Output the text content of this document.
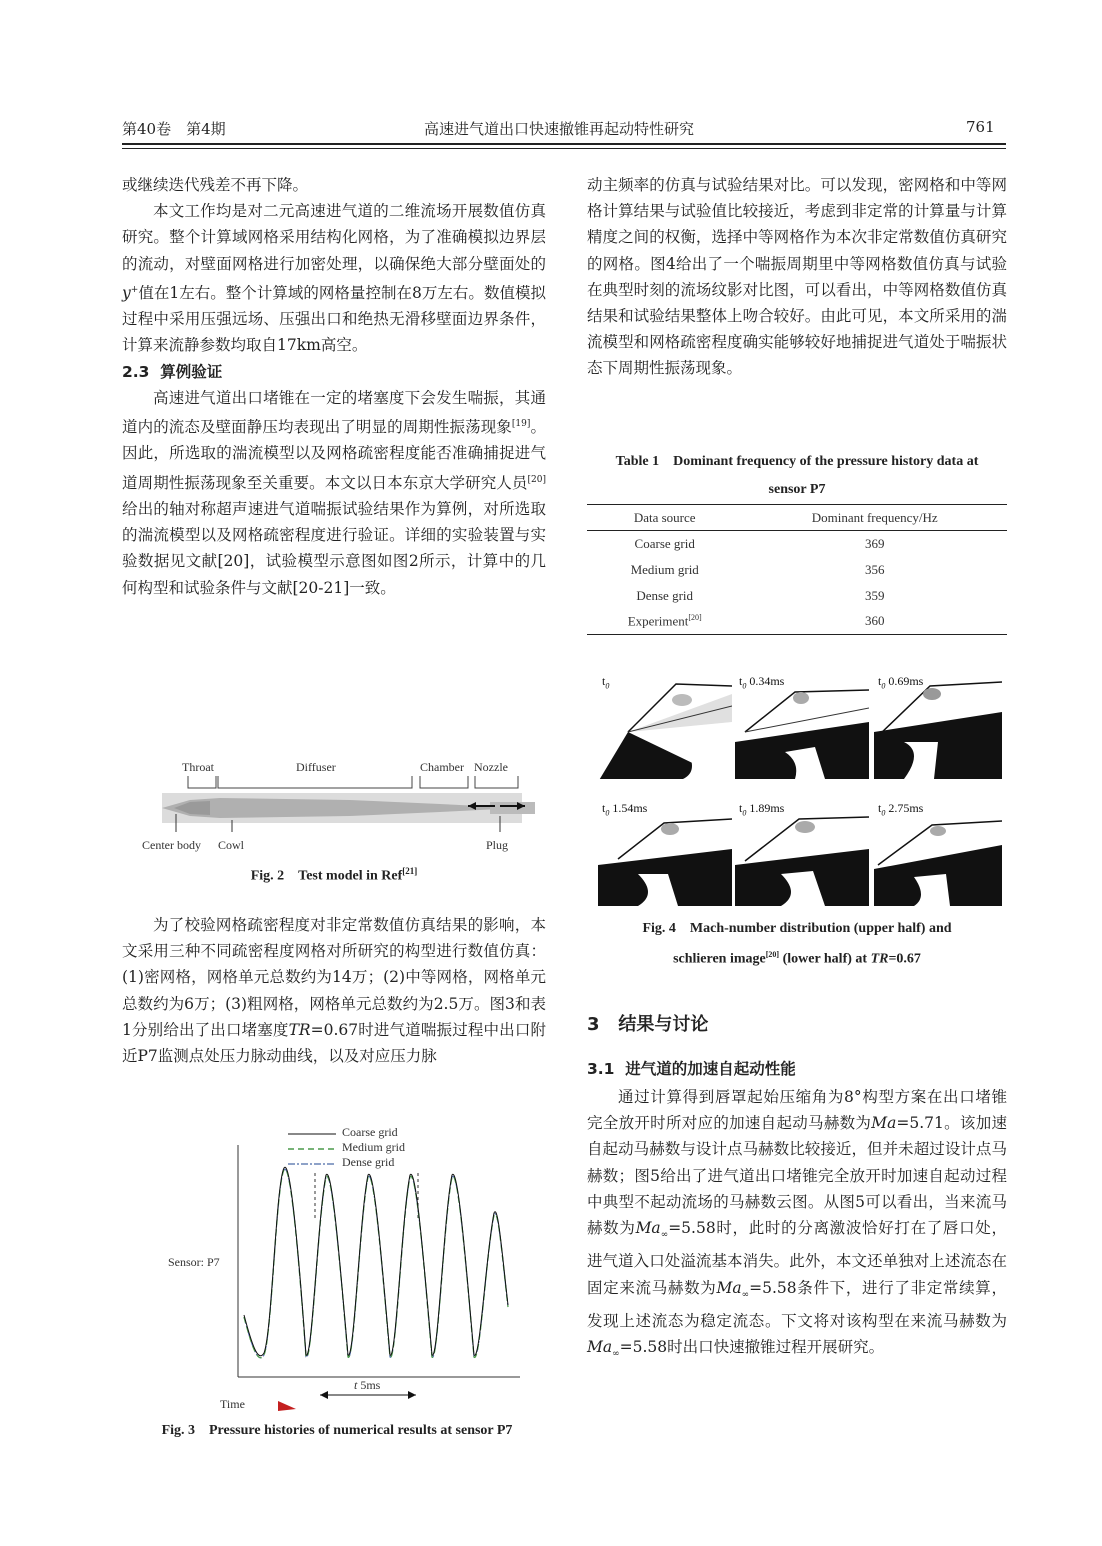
第40卷　第4期	高速进气道出口快速撤锥再起动特性研究	761

或继续迭代残差不再下降。

本文工作均是对二元高速进气道的二维流场开展数值仿真研究。整个计算域网格采用结构化网格，为了准确模拟边界层的流动，对壁面网格进行加密处理，以确保绝大部分壁面处的y+值在1左右。整个计算域的网格量控制在8万左右。数值模拟过程中采用压强远场、压强出口和绝热无滑移壁面边界条件，计算来流静参数均取自17km高空。

2.3 算例验证

高速进气道出口堵锥在一定的堵塞度下会发生喘振，其通道内的流态及壁面静压均表现出了明显的周期性振荡现象[19]。因此，所选取的湍流模型以及网格疏密程度能否准确捕捉进气道周期性振荡现象至关重要。本文以日本东京大学研究人员[20]给出的轴对称超声速进气道喘振试验结果作为算例，对所选取的湍流模型以及网格疏密程度进行验证。详细的实验装置与实验数据见文献[20]，试验模型示意图如图2所示，计算中的几何构型和试验条件与文献[20-21]一致。

Throat	Diffuser	Chamber Nozzle
Center body Cowl	Plug
Fig. 2　Test model in Ref[21]

为了校验网格疏密程度对非定常数值仿真结果的影响，本文采用三种不同疏密程度网格对所研究的构型进行数值仿真：(1)密网格，网格单元总数约为14万；(2)中等网格，网格单元总数约为6万；(3)粗网格，网格单元总数约为2.5万。图3和表1分别给出了出口堵塞度TR=0.67时进气道喘振过程中出口附近P7监测点处压力脉动曲线，以及对应压力脉

Coarse grid
Medium grid
Dense grid
Sensor: P7
Time
t 5ms
Fig. 3　Pressure histories of numerical results at sensor P7

动主频率的仿真与试验结果对比。可以发现，密网格和中等网格计算结果与试验值比较接近，考虑到非定常的计算量与计算精度之间的权衡，选择中等网格作为本次非定常数值仿真研究的网格。图4给出了一个喘振周期里中等网格数值仿真与试验在典型时刻的流场纹影对比图，可以看出，中等网格数值仿真结果和试验结果整体上吻合较好。由此可见，本文所采用的湍流模型和网格疏密程度确实能够较好地捕捉进气道处于喘振状态下周期性振荡现象。

Table 1　Dominant frequency of the pressure history data at
sensor P7
Data source	Dominant frequency/Hz
Coarse grid	369
Medium grid	356
Dense grid	359
Experiment[20]	360
$t_0$	$t_0$ 0.34ms	$t_0$ 0.69ms
$t_0$ 1.54ms	$t_0$ 1.89ms	$t_0$ 2.75ms
Fig. 4　Mach-number distribution (upper half) and
schlieren image[20] (lower half) at TR=0.67
3 结果与讨论
3.1 进气道的加速自起动性能

通过计算得到唇罩起始压缩角为8°构型方案在出口堵锥完全放开时所对应的加速自起动马赫数为Ma=5.71。该加速自起动马赫数与设计点马赫数比较接近，但并未超过设计点马赫数；图5给出了进气道出口堵锥完全放开时加速自起动过程中典型不起动流场的马赫数云图。从图5可以看出，当来流马赫数为$Ma_\infty=5.58$时，此时的分离激波恰好打在了唇口处，进气道入口处溢流基本消失。此外，本文还单独对上述流态在固定来流马赫数为$Ma_\infty=5.58$条件下，进行了非定常续算，发现上述流态为稳定流态。下文将对该构型在来流马赫数为$Ma_\infty=5.58$时出口快速撤锥过程开展研究。
